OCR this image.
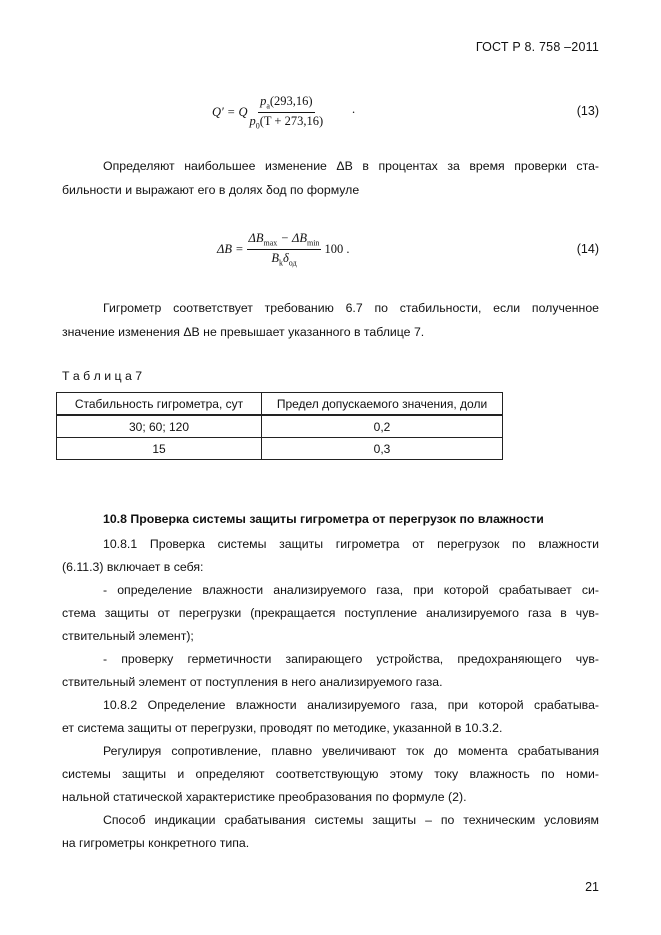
ГОСТ Р 8. 758 –2011
Q′ = Q $\frac{p_a(293,16)}{p_0(T + 273,16)}$ .	(13)
Определяют наибольшее изменение ΔB в процентах за время проверки ста-
бильности и выражают его в долях δод по формуле
$\Delta B = \frac{\Delta B_{max} - \Delta B_{min}}{B_k\delta_{од}} 100$ .	(14)
Гигрометр соответствует требованию 6.7 по стабильности, если полученное
значение изменения ΔB не превышает указанного в таблице 7.
Т а б л и ц а 7
Стабильность гигрометра, сут	Предел допускаемого значения, доли
30; 60; 120	0,2
15	0,3
10.8 Проверка системы защиты гигрометра от перегрузок по влажности
10.8.1 Проверка системы защиты гигрометра от перегрузок по влажности
(6.11.3) включает в себя:
- определение влажности анализируемого газа, при которой срабатывает си-
стема защиты от перегрузки (прекращается поступление анализируемого газа в чув-
ствительный элемент);
- проверку герметичности запирающего устройства, предохраняющего чув-
ствительный элемент от поступления в него анализируемого газа.
10.8.2 Определение влажности анализируемого газа, при которой срабатыва-
ет система защиты от перегрузки, проводят по методике, указанной в 10.3.2.
Регулируя сопротивление, плавно увеличивают ток до момента срабатывания
системы защиты и определяют соответствующую этому току влажность по номи-
нальной статической характеристике преобразования по формуле (2).
Способ индикации срабатывания системы защиты – по техническим условиям
на гигрометры конкретного типа.
21
